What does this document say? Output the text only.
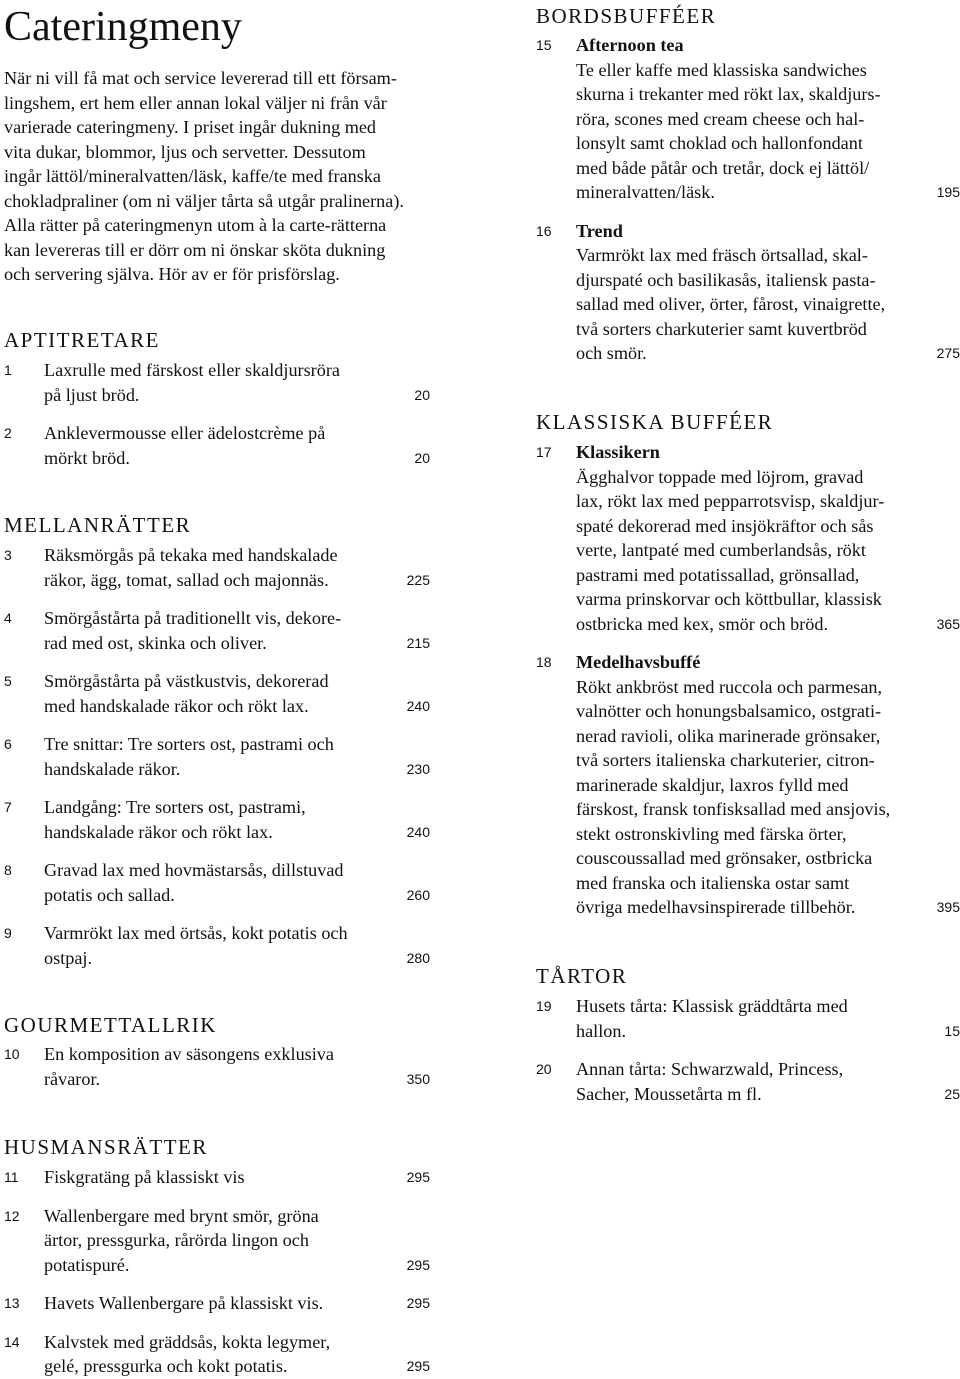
Cateringmeny
När ni vill få mat och service levererad till ett försam-
lingshem, ert hem eller annan lokal väljer ni från vår
varierade cateringmeny. I priset ingår dukning med
vita dukar, blommor, ljus och servetter. Dessutom
ingår lättöl/mineralvatten/läsk, kaffe/te med franska
chokladpraliner (om ni väljer tårta så utgår pralinerna).
Alla rätter på cateringmenyn utom à la carte-rätterna
kan levereras till er dörr om ni önskar sköta dukning
och servering själva. Hör av er för prisförslag.
APTITRETARE
MELLANRÄTTER
GOURMETTALLRIK
HUSMANSRÄTTER
BORDSBUFFÉER
KLASSISKA BUFFÉER
TÅRTOR
1 Laxrulle med färskost eller skaldjursröra
på ljust bröd.	20
2 Anklevermousse eller ädelostcrème på
mörkt bröd.	20
3 Räksmörgås på tekaka med handskalade
räkor, ägg, tomat, sallad och majonnäs.	225
4 Smörgåstårta på traditionellt vis, dekore-
rad med ost, skinka och oliver.	215
5 Smörgåstårta på västkustvis, dekorerad
med handskalade räkor och rökt lax.	240
6 Tre snittar: Tre sorters ost, pastrami och
handskalade räkor.	230
7 Landgång: Tre sorters ost, pastrami,
handskalade räkor och rökt lax.	240
8 Gravad lax med hovmästarsås, dillstuvad
potatis och sallad.	260
9 Varmrökt lax med örtsås, kokt potatis och
ostpaj.	280
10 En komposition av säsongens exklusiva
råvaror.	350
11 Fiskgratäng på klassiskt vis	295
12 Wallenbergare med brynt smör, gröna
ärtor, pressgurka, rårörda lingon och
potatispuré.	295
13 Havets Wallenbergare på klassiskt vis.	295
14 Kalvstek med gräddsås, kokta legymer,
gelé, pressgurka och kokt potatis.	295
15 Afternoon tea
Te eller kaffe med klassiska sandwiches
skurna i trekanter med rökt lax, skaldjurs-
röra, scones med cream cheese och hal-
lonsylt samt choklad och hallonfondant
med både påtår och tretår, dock ej lättöl/
mineralvatten/läsk.	195
16 Trend
Varmrökt lax med fräsch örtsallad, skal-
djurspaté och basilikasås, italiensk pasta-
sallad med oliver, örter, fårost, vinaigrette,
två sorters charkuterier samt kuvertbröd
och smör.	275
17 Klassikern
Ägghalvor toppade med löjrom, gravad
lax, rökt lax med pepparrotsvisp, skaldjur-
spaté dekorerad med insjökräftor och sås
verte, lantpaté med cumberlandsås, rökt
pastrami med potatissallad, grönsallad,
varma prinskorvar och köttbullar, klassisk
ostbricka med kex, smör och bröd.	365
18 Medelhavsbuffé
Rökt ankbröst med ruccola och parmesan,
valnötter och honungsbalsamico, ostgrati-
nerad ravioli, olika marinerade grönsaker,
två sorters italienska charkuterier, citron-
marinerade skaldjur, laxros fylld med
färskost, fransk tonfisksallad med ansjovis,
stekt ostronskivling med färska örter,
couscoussallad med grönsaker, ostbricka
med franska och italienska ostar samt
övriga medelhavsinspirerade tillbehör.	395
19 Husets tårta: Klassisk gräddtårta med
hallon.	15
20 Annan tårta: Schwarzwald, Princess,
Sacher, Moussetårta m fl.	25
